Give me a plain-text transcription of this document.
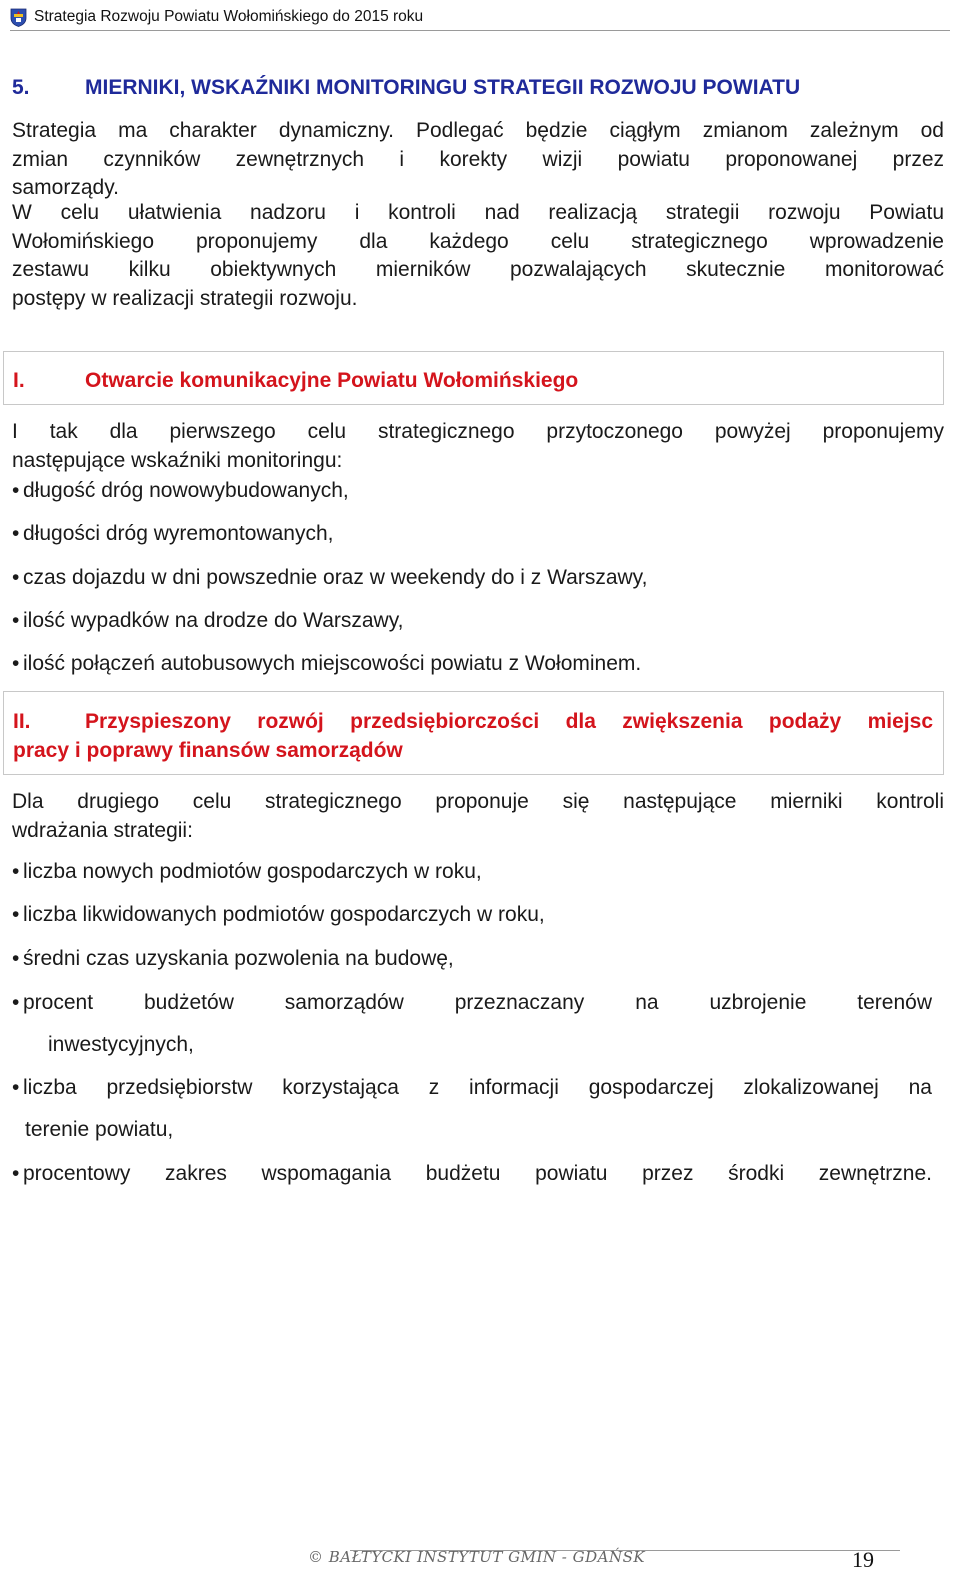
Strategia Rozwoju Powiatu Wołomińskiego do 2015 roku
5.	MIERNIKI, WSKAŹNIKI MONITORINGU STRATEGII ROZWOJU POWIATU
Strategia ma charakter dynamiczny. Podlegać będzie ciągłym zmianom zależnym od
zmian czynników zewnętrznych i korekty wizji powiatu proponowanej przez
samorządy.
W celu ułatwienia nadzoru i kontroli nad realizacją strategii rozwoju Powiatu
Wołomińskiego proponujemy dla każdego celu strategicznego wprowadzenie
zestawu kilku obiektywnych mierników pozwalających skutecznie monitorować
postępy w realizacji strategii rozwoju.
I.	Otwarcie komunikacyjne Powiatu Wołomińskiego
I tak dla pierwszego celu strategicznego przytoczonego powyżej proponujemy
następujące wskaźniki monitoringu:
• długość dróg nowowybudowanych,
• długości dróg wyremontowanych,
• czas dojazdu w dni powszednie oraz w weekendy do i z Warszawy,
• ilość wypadków na drodze do Warszawy,
• ilość połączeń autobusowych miejscowości powiatu z Wołominem.
II.	Przyspieszony rozwój przedsiębiorczości dla zwiększenia podaży miejsc
pracy i poprawy finansów samorządów
Dla drugiego celu strategicznego proponuje się następujące mierniki kontroli
wdrażania strategii:
• liczba nowych podmiotów gospodarczych w roku,
• liczba likwidowanych podmiotów gospodarczych w roku,
• średni czas uzyskania pozwolenia na budowę,
• procent budżetów samorządów przeznaczany na uzbrojenie terenów
inwestycyjnych,
• liczba przedsiębiorstw korzystająca z informacji gospodarczej zlokalizowanej na
terenie powiatu,
• procentowy zakres wspomagania budżetu powiatu przez środki zewnętrzne.
© BAŁTYCKI INSTYTUT GMIN - GDAŃSK	19
